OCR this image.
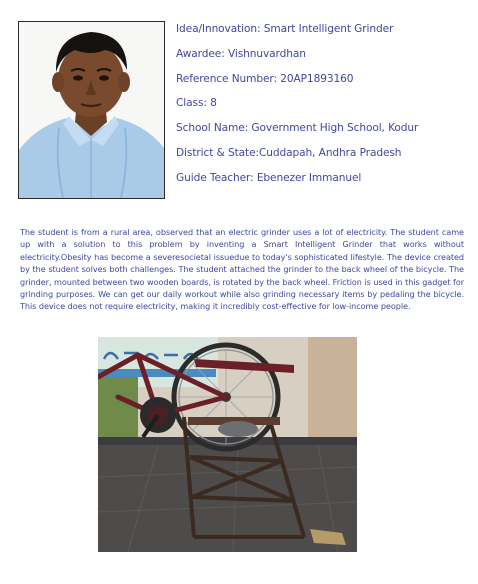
Idea/Innovation: Smart Intelligent Grinder
Awardee: Vishnuvardhan
Reference Number: 20AP1893160
Class: 8
School Name: Government High School, Kodur
District & State:Cuddapah, Andhra Pradesh
Guide Teacher: Ebenezer Immanuel

The student is from a rural area, observed that an electric grinder uses a lot of electricity. The student came up with a solution to this problem by inventing a Smart Intelligent Grinder that works without electricity.Obesity has become a severesocietal issuedue to today's sophisticated lifestyle. The device created by the student solves both challenges. The student attached the grinder to the back wheel of the bicycle. The grinder, mounted between two wooden boards, is rotated by the back wheel. Friction is used in this gadget for grinding purposes. We can get our daily workout while also grinding necessary items by pedaling the bicycle. This device does not require electricity, making it incredibly cost-effective for low-income people.
